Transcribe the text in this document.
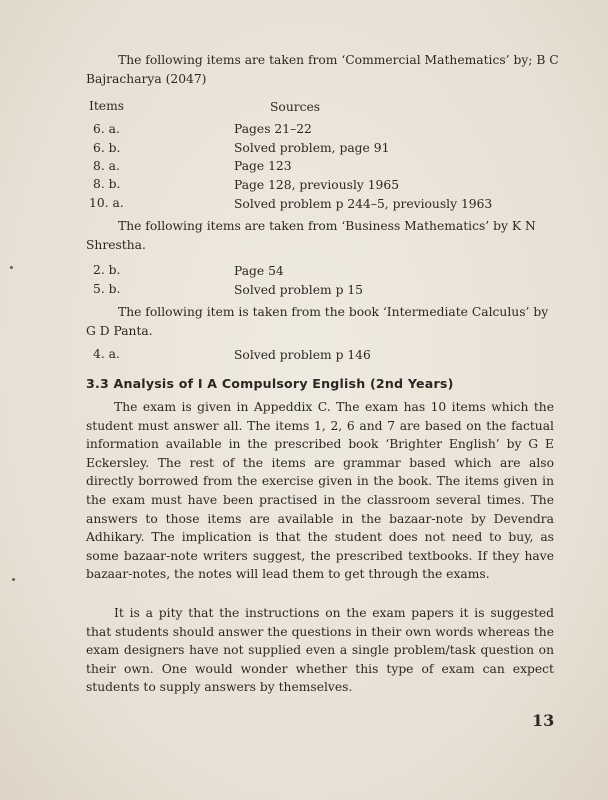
The following items are taken from ‘Commercial Mathematics’ by; B C
Bajracharya (2047)
Items	Sources
6. a.	Pages 21–22
6. b.	Solved problem, page 91
8. a.	Page 123
8. b.	Page 128, previously 1965
10. a.	Solved problem p 244–5, previously 1963
The following items are taken from ‘Business Mathematics’ by K N
Shrestha.
2. b.	Page 54
5. b.	Solved problem p 15
The following item is taken from the book ‘Intermediate Calculus’ by
G D Panta.
4. a.	Solved problem p 146
3.3 Analysis of I A Compulsory English (2nd Years)
The exam is given in Appeddix C. The exam has 10 items which the student must answer all. The items 1, 2, 6 and 7 are based on the factual information available in the prescribed book ‘Brighter English’ by G E Eckersley. The rest of the items are grammar based which are also directly borrowed from the exercise given in the book. The items given in the exam must have been practised in the classroom several times. The answers to those items are available in the bazaar-note by Devendra Adhikary. The implication is that the student does not need to buy, as some bazaar-note writers suggest, the prescribed textbooks. If they have bazaar-notes, the notes will lead them to get through the exams.
It is a pity that the instructions on the exam papers it is suggested that students should answer the questions in their own words whereas the exam designers have not supplied even a single problem/task question on their own. One would wonder whether this type of exam can expect students to supply answers by themselves.
13
